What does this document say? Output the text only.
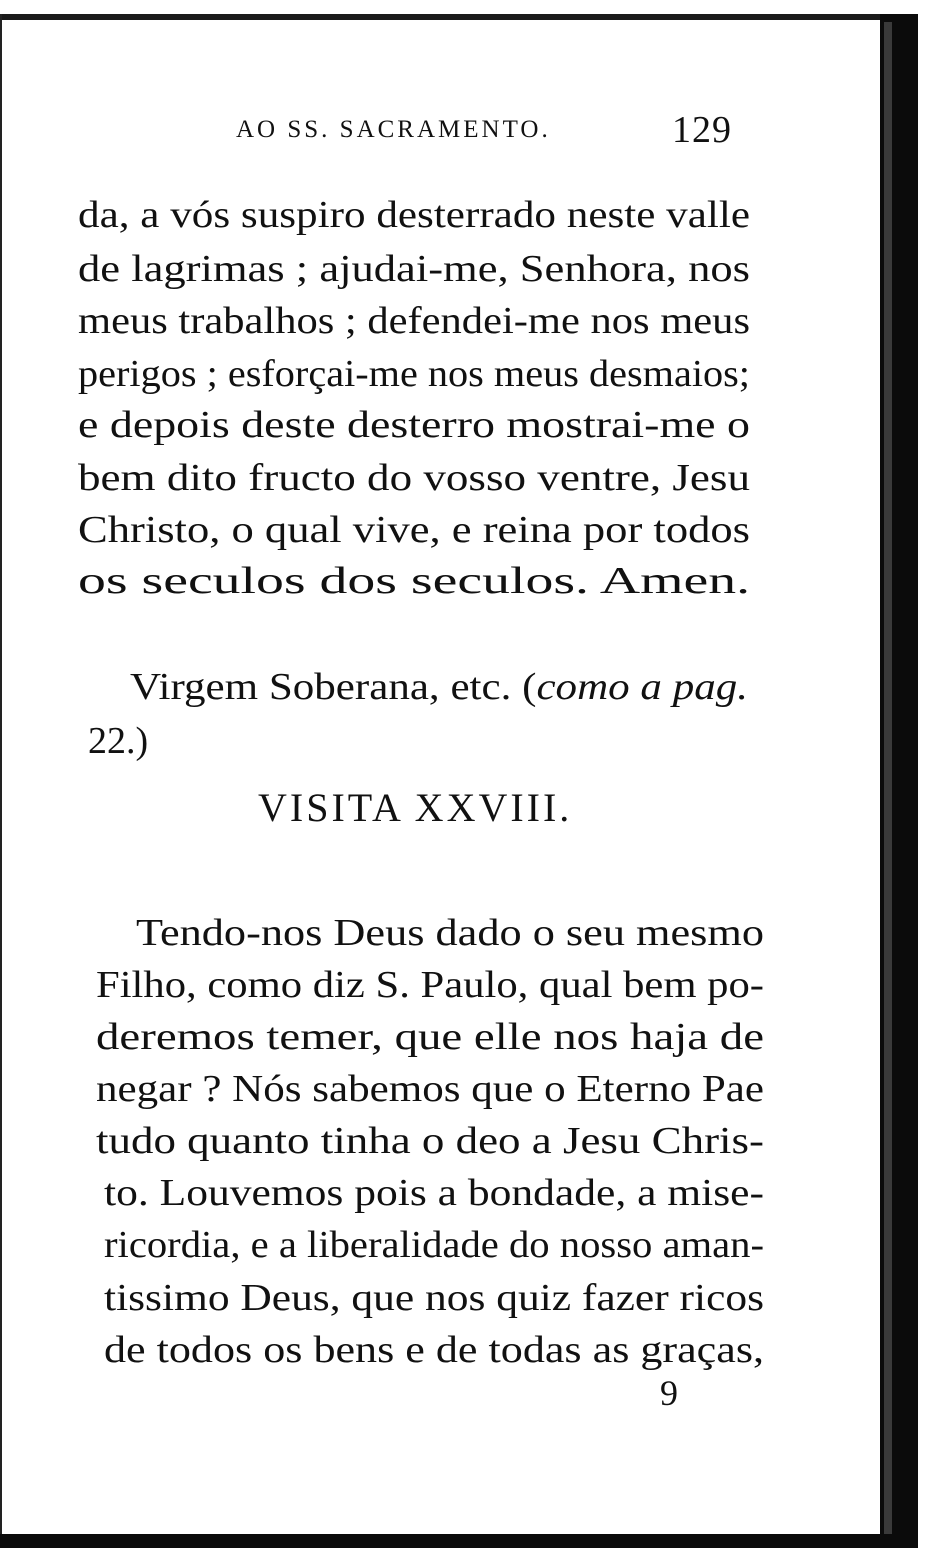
AO SS. SACRAMENTO.	129
da, a vós suspiro desterrado neste valle
de lagrimas ; ajudai-me, Senhora, nos
meus trabalhos ; defendei-me nos meus
perigos ; esforçai-me nos meus desmaios;
e depois deste desterro mostrai-me o
bem dito fructo do vosso ventre, Jesu
Christo, o qual vive, e reina por todos
os seculos dos seculos. Amen.
Virgem Soberana, etc. (como a pag.
22.)
VISITA XXVIII.
Tendo-nos Deus dado o seu mesmo
Filho, como diz S. Paulo, qual bem po-
deremos temer, que elle nos haja de
negar ? Nós sabemos que o Eterno Pae
tudo quanto tinha o deo a Jesu Chris-
to. Louvemos pois a bondade, a mise-
ricordia, e a liberalidade do nosso aman-
tissimo Deus, que nos quiz fazer ricos
de todos os bens e de todas as graças,
9
